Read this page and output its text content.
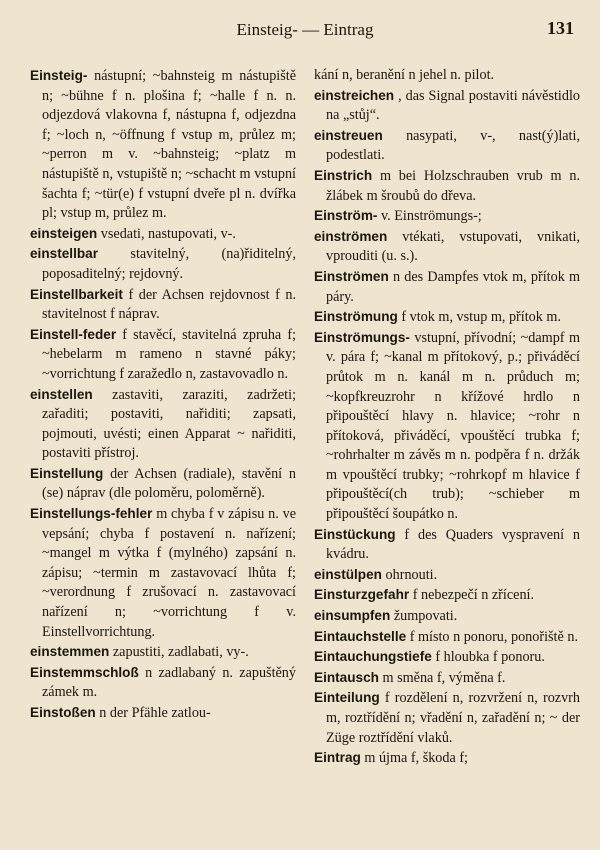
Einsteig- — Eintrag	131

Einsteig- nástupní; ~bahnsteig m nástupiště n; ~bühne f n. plošina f; ~halle f n. n. odjezdová vlakovna f, nástupna f, odjezdna f; ~loch n, ~öffnung f vstup m, průlez m; ~perron m v. ~bahnsteig; ~platz m nástupiště n, vstupiště n; ~schacht m vstupní šachta f; ~tür(e) f vstupní dveře pl n. dvířka pl; vstup m, průlez m.

einsteigen vsedati, nastupovati, v-.

einstellbar stavitelný, (na)řiditelný, poposaditelný; rejdovný.

Einstellbarkeit f der Achsen rejdovnost f n. stavitelnost f náprav.

Einstell-feder f stavěcí, stavitelná zpruha f; ~hebelarm m rameno n stavné páky; ~vorrichtung f zaražedlo n, zastavovadlo n.

einstellen zastaviti, zaraziti, zadržeti; zařaditi; postaviti, nařiditi; zapsati, pojmouti, uvésti; einen Apparat ~ nařiditi, postaviti přístroj.

Einstellung der Achsen (radiale), stavění n (se) náprav (dle poloměru, poloměrně).

Einstellungs-fehler m chyba f v zápisu n. ve vepsání; chyba f postavení n. nařízení; ~mangel m výtka f (mylného) zapsání n. zápisu; ~termin m zastavovací lhůta f; ~verordnung f zrušovací n. zastavovací nařízení n; ~vorrichtung f v. Einstellvorrichtung.

einstemmen zapustiti, zadlabati, vy-.

Einstemmschloß n zadlabaný n. zapuštěný zámek m.

Einstoßen n der Pfähle zatlou-

kání n, beranění n jehel n. pilot.

einstreichen , das Signal postaviti návěstidlo na „stůj“.

einstreuen nasypati, v-, nast(ý)lati, podestlati.

Einstrich m bei Holzschrauben vrub m n. žlábek m šroubů do dřeva.

Einström- v. Einströmungs-;

einströmen vtékati, vstupovati, vnikati, vprouditi (u. s.).

Einströmen n des Dampfes vtok m, přítok m páry.

Einströmung f vtok m, vstup m, přítok m.

Einströmungs- vstupní, přívodní; ~dampf m v. pára f; ~kanal m přítokový, p.; přiváděcí průtok m n. kanál m n. průduch m; ~kopfkreuzrohr n křížové hrdlo n připouštěcí hlavy n. hlavice; ~rohr n přítoková, přiváděcí, vpouštěcí trubka f; ~rohrhalter m závěs m n. podpěra f n. držák m vpouštěcí trubky; ~rohrkopf m hlavice f připouštěcí(ch trub); ~schieber m připouštěcí šoupátko n.

Einstückung f des Quaders vyspravení n kvádru.

einstülpen ohrnouti.

Einsturzgefahr f nebezpečí n zřícení.

einsumpfen žumpovati.

Eintauchstelle f místo n ponoru, ponořiště n.

Eintauchungstiefe f hloubka f ponoru.

Eintausch m směna f, výměna f.

Einteilung f rozdělení n, rozvržení n, rozvrh m, roztřídění n; vřadění n, zařadění n; ~ der Züge roztřídění vlaků.

Eintrag m újma f, škoda f;
